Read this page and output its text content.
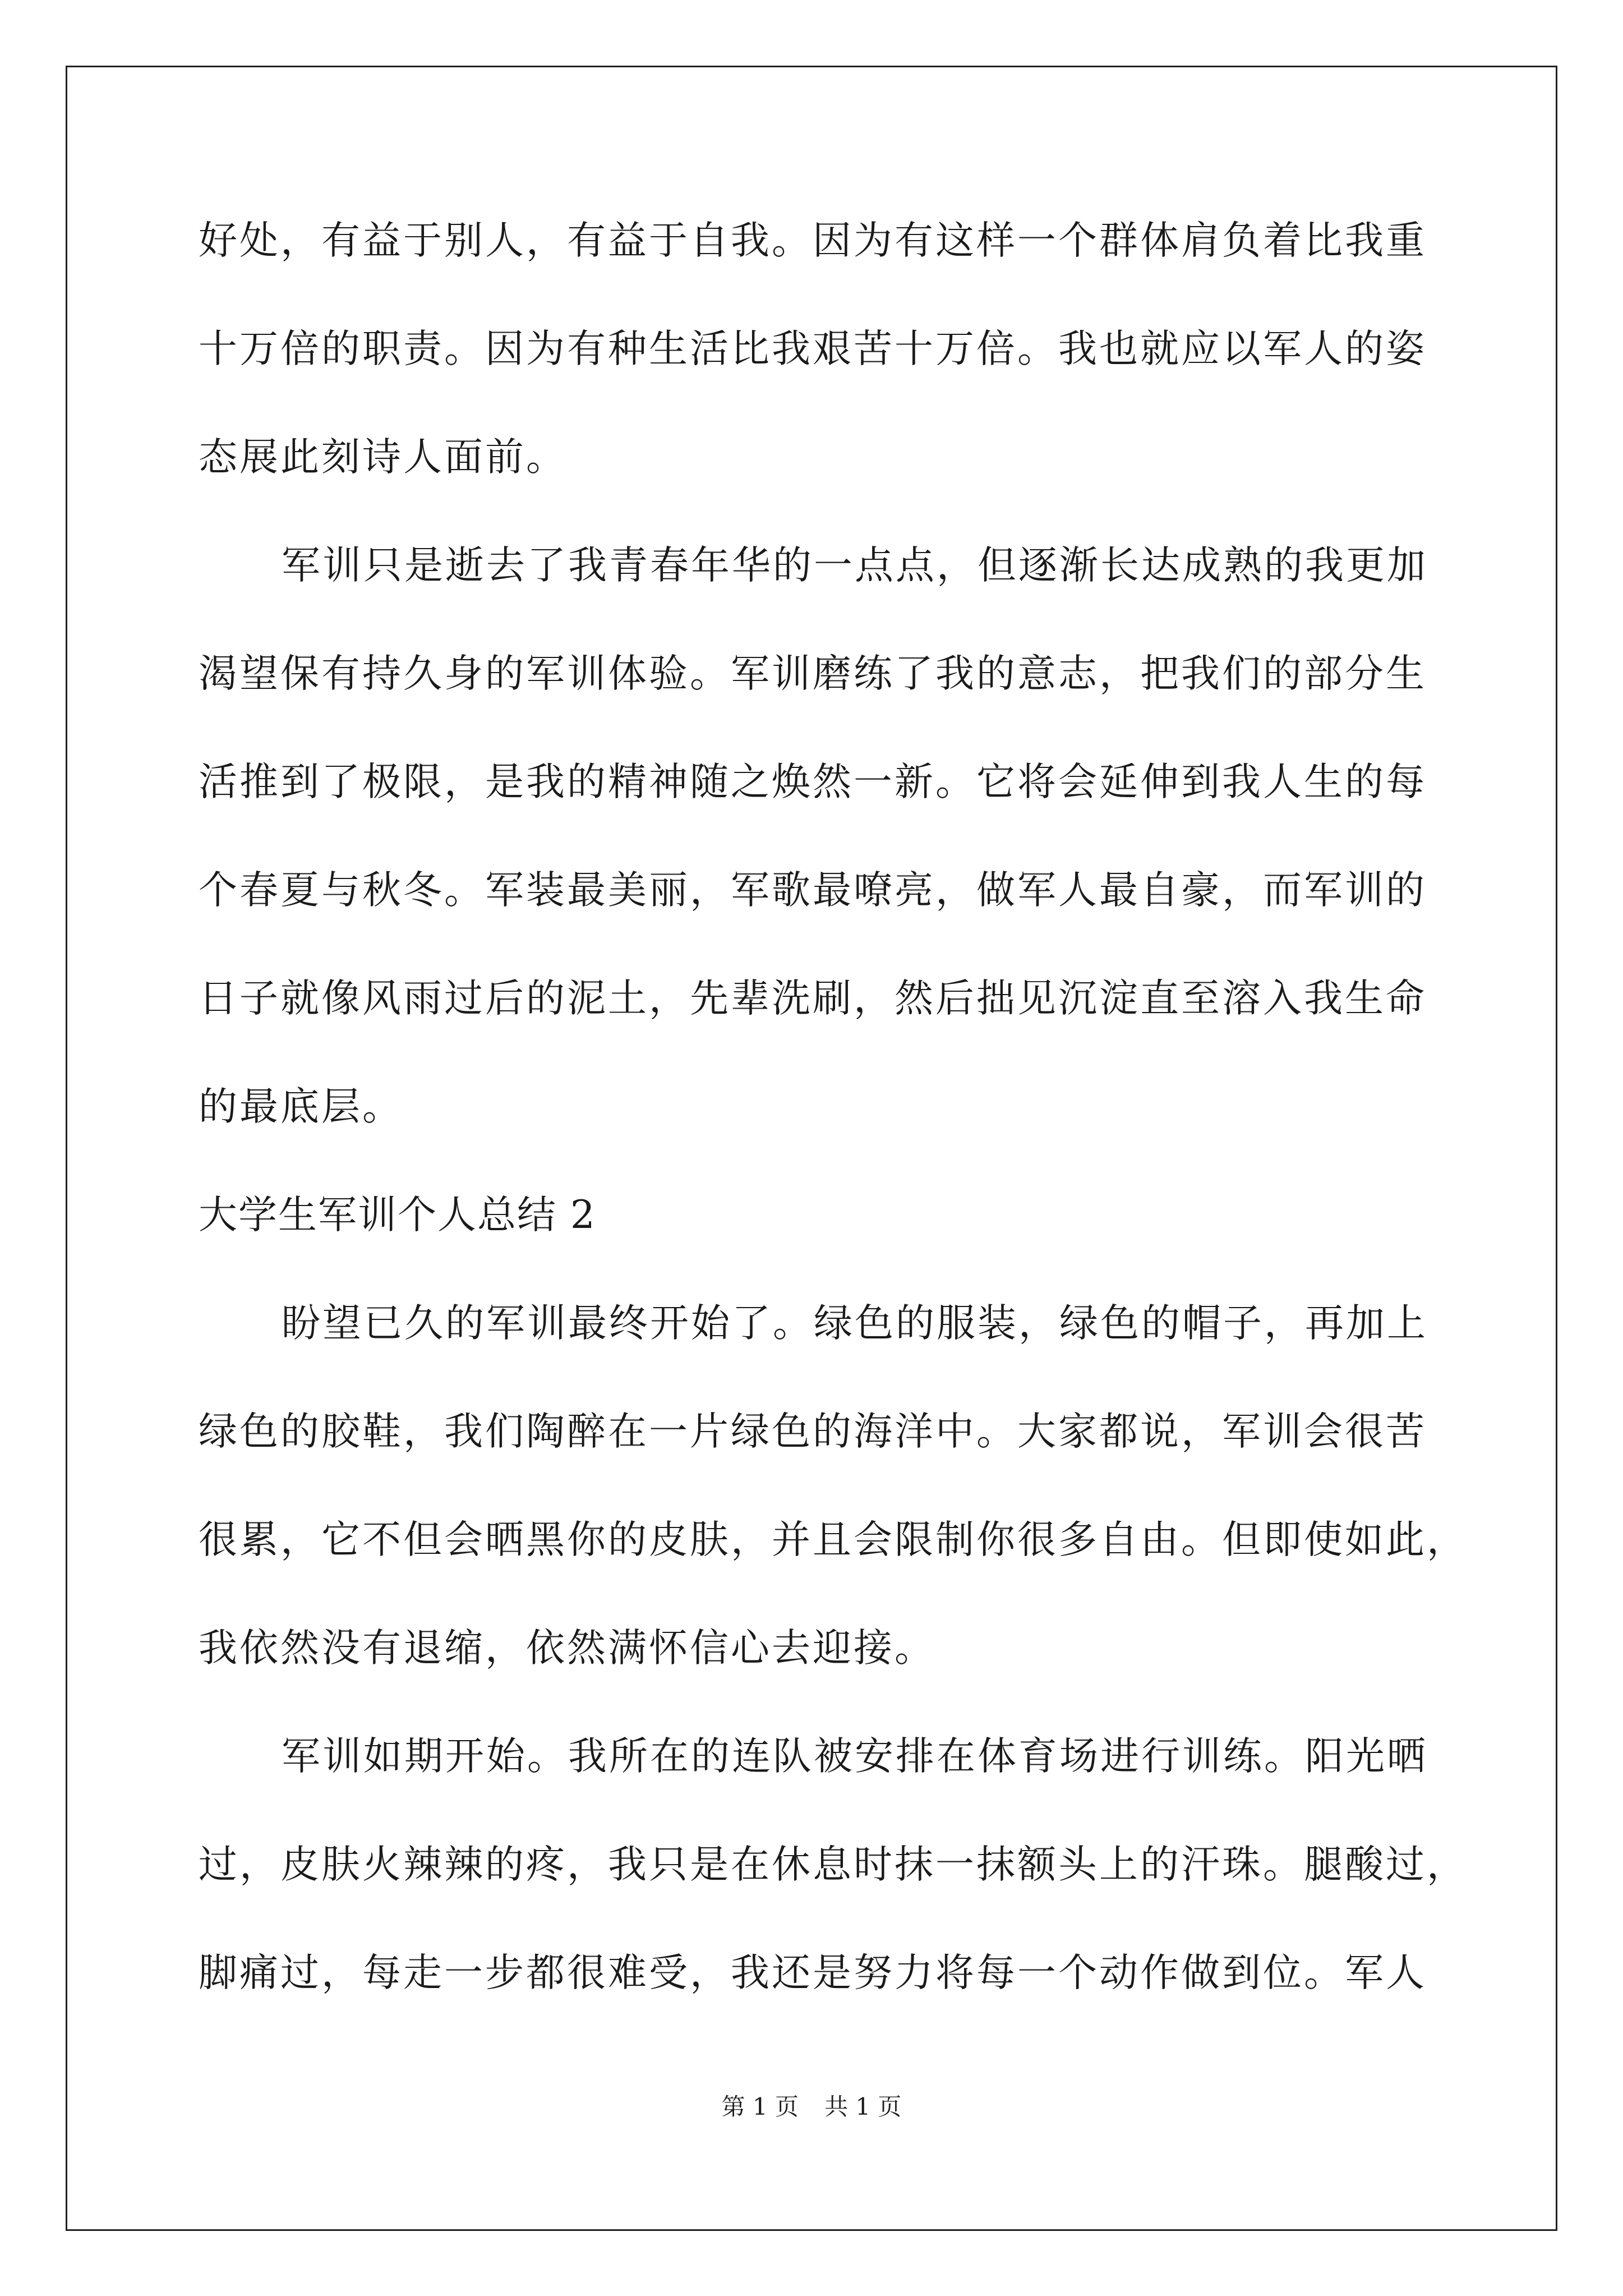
好处，有益于别人，有益于自我。因为有这样一个群体肩负着比我重
十万倍的职责。因为有种生活比我艰苦十万倍。我也就应以军人的姿
态展此刻诗人面前。
军训只是逝去了我青春年华的一点点，但逐渐长达成熟的我更加
渴望保有持久身的军训体验。军训磨练了我的意志，把我们的部分生
活推到了极限，是我的精神随之焕然一新。它将会延伸到我人生的每
个春夏与秋冬。军装最美丽，军歌最嘹亮，做军人最自豪，而军训的
日子就像风雨过后的泥土，先辈洗刷，然后拙见沉淀直至溶入我生命
的最底层。
大学生军训个人总结 2
盼望已久的军训最终开始了。绿色的服装，绿色的帽子，再加上
绿色的胶鞋，我们陶醉在一片绿色的海洋中。大家都说，军训会很苦
很累，它不但会晒黑你的皮肤，并且会限制你很多自由。但即使如此，
我依然没有退缩，依然满怀信心去迎接。
军训如期开始。我所在的连队被安排在体育场进行训练。阳光晒
过，皮肤火辣辣的疼，我只是在休息时抹一抹额头上的汗珠。腿酸过，
脚痛过，每走一步都很难受，我还是努力将每一个动作做到位。军人
第 1 页 共 1 页
